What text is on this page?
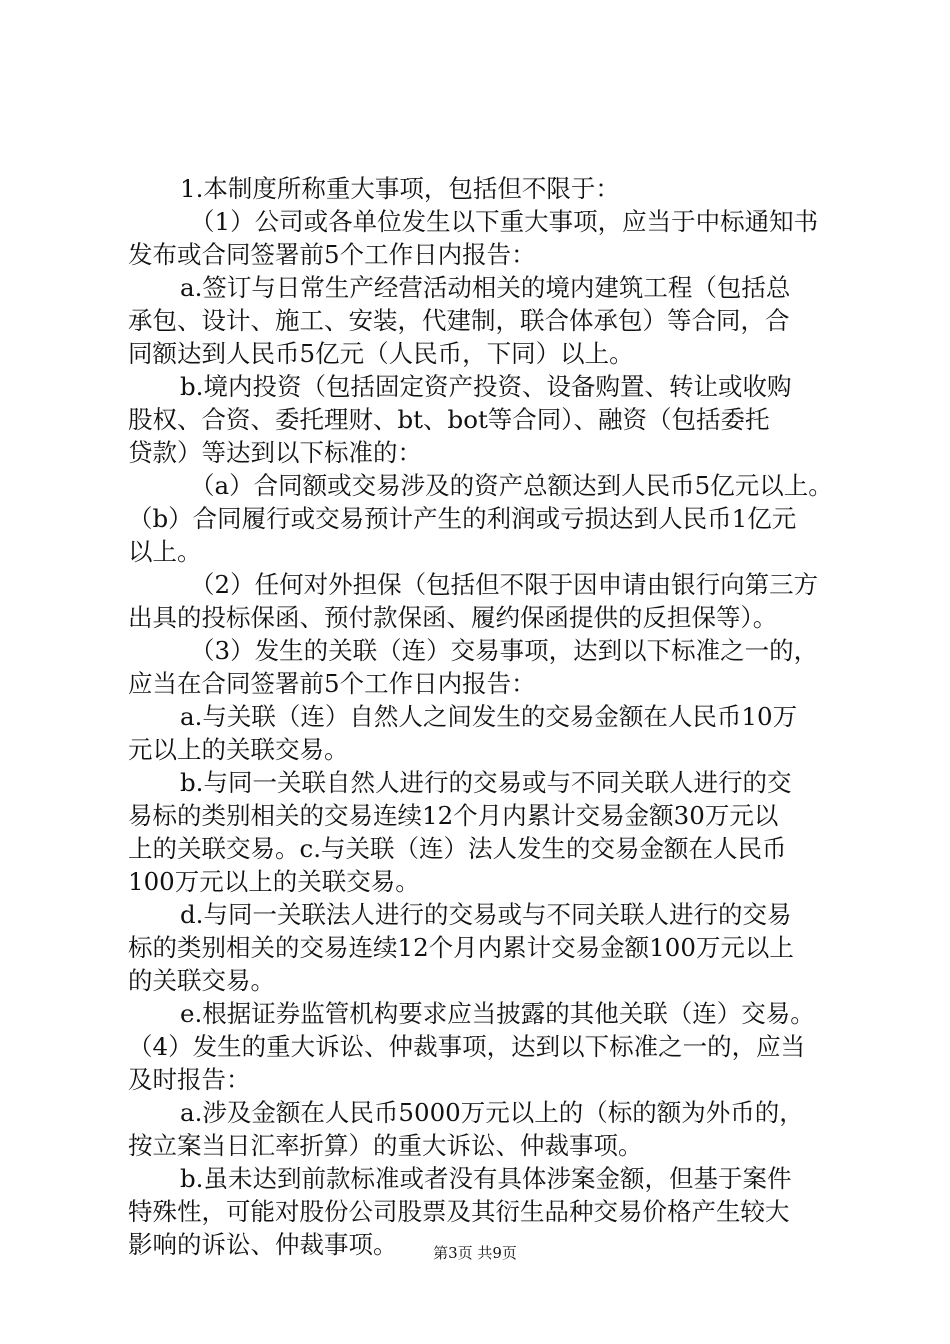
1.本制度所称重大事项，包括但不限于：
（1）公司或各单位发生以下重大事项，应当于中标通知书
发布或合同签署前5个工作日内报告：
a.签订与日常生产经营活动相关的境内建筑工程（包括总
承包、设计、施工、安装，代建制，联合体承包）等合同，合
同额达到人民币5亿元（人民币，下同）以上。
b.境内投资（包括固定资产投资、设备购置、转让或收购
股权、合资、委托理财、bt、bot等合同）、融资（包括委托
贷款）等达到以下标准的：
（a）合同额或交易涉及的资产总额达到人民币5亿元以上。
（b）合同履行或交易预计产生的利润或亏损达到人民币1亿元
以上。
（2）任何对外担保（包括但不限于因申请由银行向第三方
出具的投标保函、预付款保函、履约保函提供的反担保等）。
（3）发生的关联（连）交易事项，达到以下标准之一的，
应当在合同签署前5个工作日内报告：
a.与关联（连）自然人之间发生的交易金额在人民币10万
元以上的关联交易。
b.与同一关联自然人进行的交易或与不同关联人进行的交
易标的类别相关的交易连续12个月内累计交易金额30万元以
上的关联交易。c.与关联（连）法人发生的交易金额在人民币
100万元以上的关联交易。
d.与同一关联法人进行的交易或与不同关联人进行的交易
标的类别相关的交易连续12个月内累计交易金额100万元以上
的关联交易。
e.根据证券监管机构要求应当披露的其他关联（连）交易。
（4）发生的重大诉讼、仲裁事项，达到以下标准之一的，应当
及时报告：
a.涉及金额在人民币5000万元以上的（标的额为外币的，
按立案当日汇率折算）的重大诉讼、仲裁事项。
b.虽未达到前款标准或者没有具体涉案金额，但基于案件
特殊性，可能对股份公司股票及其衍生品种交易价格产生较大
影响的诉讼、仲裁事项。	第3页 共9页
